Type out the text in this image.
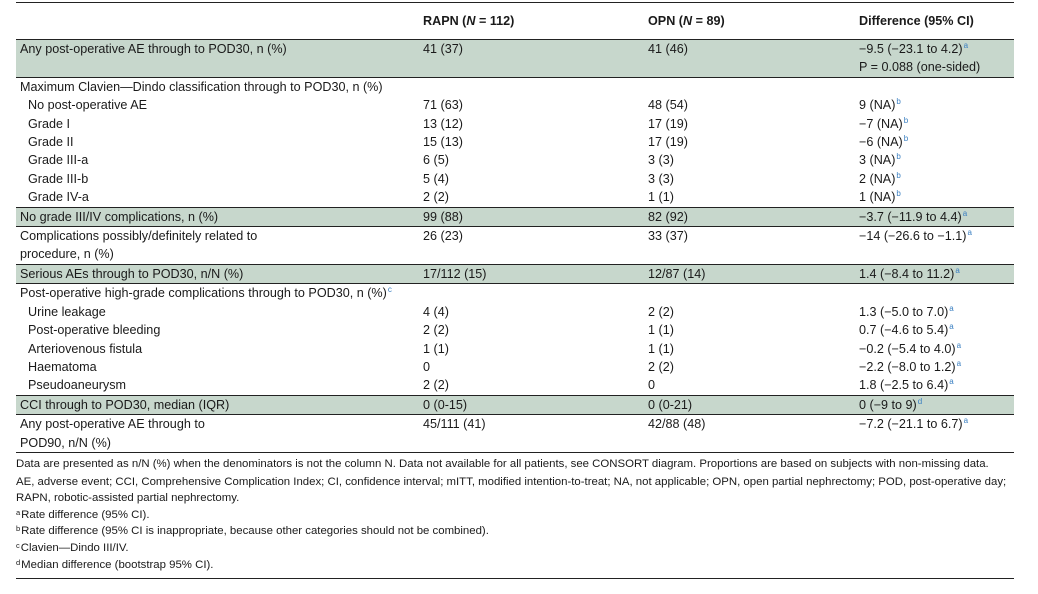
	RAPN (N = 112)	OPN (N = 89)	Difference (95% CI)
Any post-operative AE through to POD30, n (%)	41 (37)	41 (46)	−9.5 (−23.1 to 4.2)$^a$
P = 0.088 (one-sided)
Maximum Clavien—Dindo classification through to POD30, n (%)			
No post-operative AE	71 (63)	48 (54)	9 (NA)$^b$
Grade I	13 (12)	17 (19)	−7 (NA)$^b$
Grade II	15 (13)	17 (19)	−6 (NA)$^b$
Grade III-a	6 (5)	3 (3)	3 (NA)$^b$
Grade III-b	5 (4)	3 (3)	2 (NA)$^b$
Grade IV-a	2 (2)	1 (1)	1 (NA)$^b$
No grade III/IV complications, n (%)	99 (88)	82 (92)	−3.7 (−11.9 to 4.4)$^a$
Complications possibly/definitely related to
procedure, n (%)	26 (23)	33 (37)	−14 (−26.6 to −1.1)$^a$
Serious AEs through to POD30, n/N (%)	17/112 (15)	12/87 (14)	1.4 (−8.4 to 11.2)$^a$
Post-operative high-grade complications through to POD30, n (%)$^c$			
Urine leakage	4 (4)	2 (2)	1.3 (−5.0 to 7.0)$^a$
Post-operative bleeding	2 (2)	1 (1)	0.7 (−4.6 to 5.4)$^a$
Arteriovenous fistula	1 (1)	1 (1)	−0.2 (−5.4 to 4.0)$^a$
Haematoma	0	2 (2)	−2.2 (−8.0 to 1.2)$^a$
Pseudoaneurysm	2 (2)	0	1.8 (−2.5 to 6.4)$^a$
CCI through to POD30, median (IQR)	0 (0-15)	0 (0-21)	0 (−9 to 9)$^d$
Any post-operative AE through to
POD90, n/N (%)	45/111 (41)	42/88 (48)	−7.2 (−21.1 to 6.7)$^a$

Data are presented as n/N (%) when the denominators is not the column N. Data not available for all patients, see CONSORT diagram. Proportions are based on subjects with non-missing data.

AE, adverse event; CCI, Comprehensive Complication Index; CI, confidence interval; mITT, modified intention-to-treat; NA, not applicable; OPN, open partial nephrectomy; POD, post-operative day; RAPN, robotic-assisted partial nephrectomy.

$^a$Rate difference (95% CI).

$^b$Rate difference (95% CI is inappropriate, because other categories should not be combined).

$^c$Clavien—Dindo III/IV.

$^d$Median difference (bootstrap 95% CI).
